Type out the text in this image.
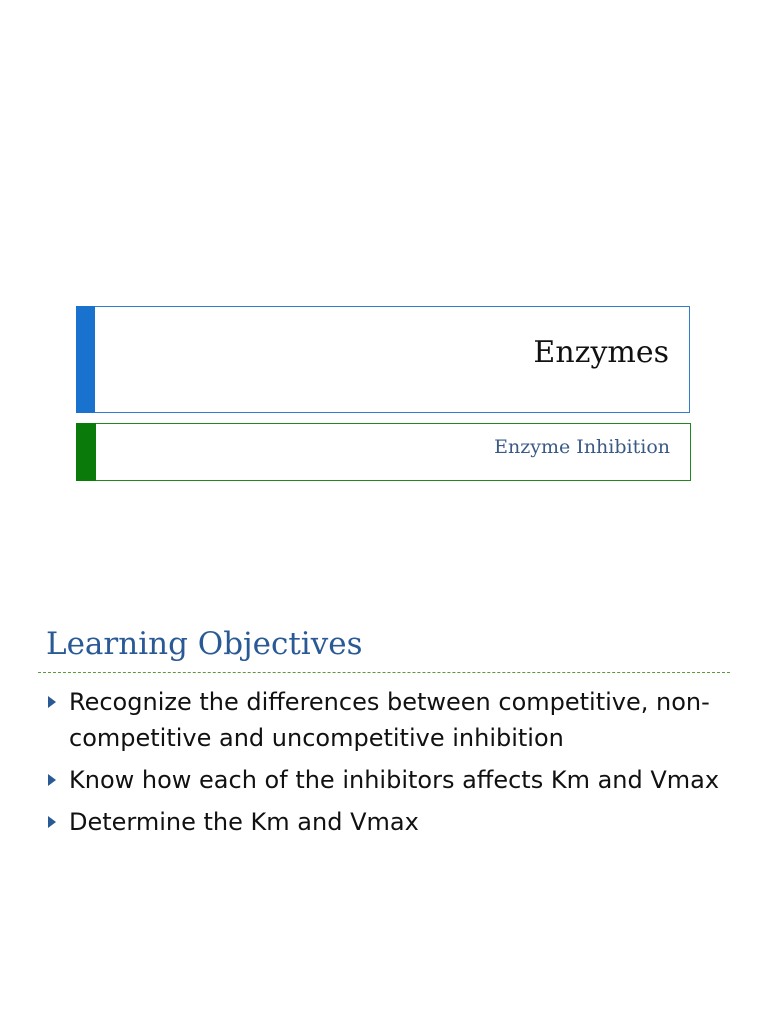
Enzymes
Enzyme Inhibition
Learning Objectives
Recognize the differences between competitive, non-competitive and uncompetitive inhibition
Know how each of the inhibitors affects Km and Vmax
Determine the Km and Vmax
